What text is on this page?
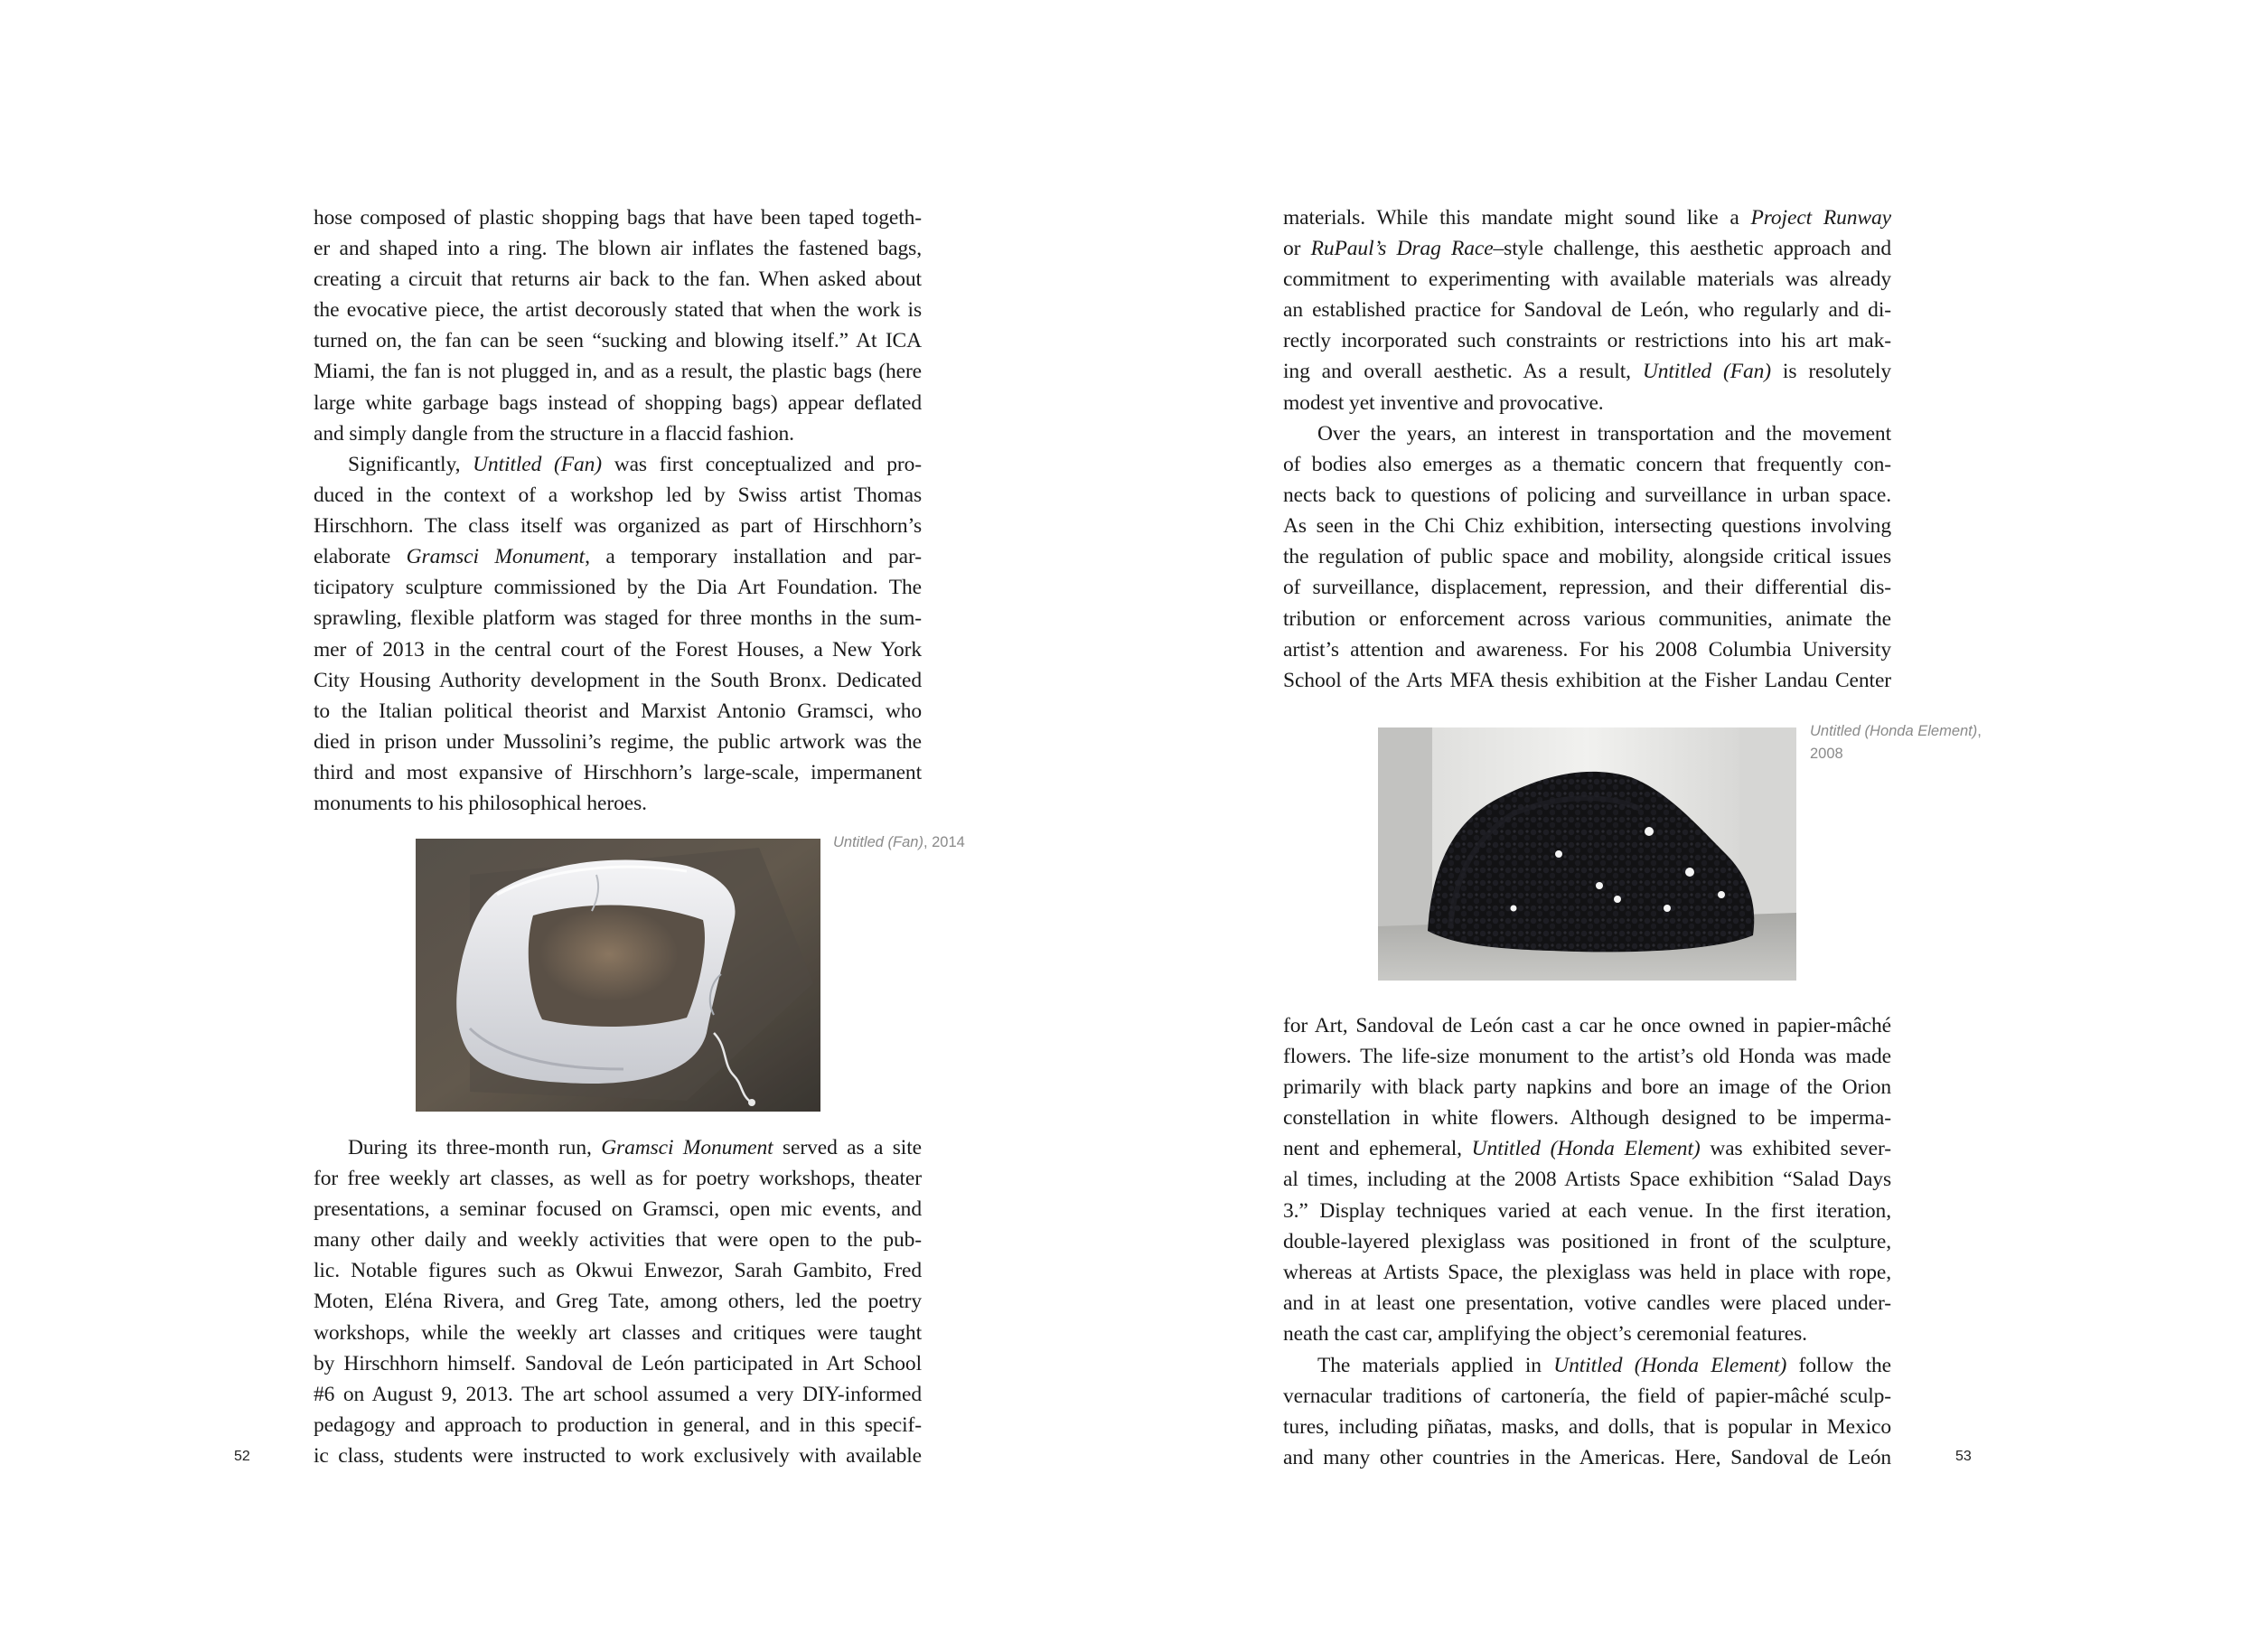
hose composed of plastic shopping bags that have been taped togeth-

er and shaped into a ring. The blown air inflates the fastened bags,

creating a circuit that returns air back to the fan. When asked about

the evocative piece, the artist decorously stated that when the work is

turned on, the fan can be seen “sucking and blowing itself.” At ICA

Miami, the fan is not plugged in, and as a result, the plastic bags (here

large white garbage bags instead of shopping bags) appear deflated

and simply dangle from the structure in a flaccid fashion.

Significantly, Untitled (Fan) was first conceptualized and pro-

duced in the context of a workshop led by Swiss artist Thomas

Hirschhorn. The class itself was organized as part of Hirschhorn’s

elaborate Gramsci Monument, a temporary installation and par-

ticipatory sculpture commissioned by the Dia Art Foundation. The

sprawling, flexible platform was staged for three months in the sum-

mer of 2013 in the central court of the Forest Houses, a New York

City Housing Authority development in the South Bronx. Dedicated

to the Italian political theorist and Marxist Antonio Gramsci, who

died in prison under Mussolini’s regime, the public artwork was the

third and most expansive of Hirschhorn’s large-scale, impermanent

monuments to his philosophical heroes.

Untitled (Fan), 2014

During its three-month run, Gramsci Monument served as a site

for free weekly art classes, as well as for poetry workshops, theater

presentations, a seminar focused on Gramsci, open mic events, and

many other daily and weekly activities that were open to the pub-

lic. Notable figures such as Okwui Enwezor, Sarah Gambito, Fred

Moten, Eléna Rivera, and Greg Tate, among others, led the poetry

workshops, while the weekly art classes and critiques were taught

by Hirschhorn himself. Sandoval de León participated in Art School

#6 on August 9, 2013. The art school assumed a very DIY-informed

pedagogy and approach to production in general, and in this specif-

ic class, students were instructed to work exclusively with available

52

materials. While this mandate might sound like a Project Runway

or RuPaul’s Drag Race–style challenge, this aesthetic approach and

commitment to experimenting with available materials was already

an established practice for Sandoval de León, who regularly and di-

rectly incorporated such constraints or restrictions into his art mak-

ing and overall aesthetic. As a result, Untitled (Fan) is resolutely

modest yet inventive and provocative.

Over the years, an interest in transportation and the movement

of bodies also emerges as a thematic concern that frequently con-

nects back to questions of policing and surveillance in urban space.

As seen in the Chi Chiz exhibition, intersecting questions involving

the regulation of public space and mobility, alongside critical issues

of surveillance, displacement, repression, and their differential dis-

tribution or enforcement across various communities, animate the

artist’s attention and awareness. For his 2008 Columbia University

School of the Arts MFA thesis exhibition at the Fisher Landau Center

Untitled (Honda Element),
2008

for Art, Sandoval de León cast a car he once owned in papier-mâché

flowers. The life-size monument to the artist’s old Honda was made

primarily with black party napkins and bore an image of the Orion

constellation in white flowers. Although designed to be imperma-

nent and ephemeral, Untitled (Honda Element) was exhibited sever-

al times, including at the 2008 Artists Space exhibition “Salad Days

3.” Display techniques varied at each venue. In the first iteration,

double-layered plexiglass was positioned in front of the sculpture,

whereas at Artists Space, the plexiglass was held in place with rope,

and in at least one presentation, votive candles were placed under-

neath the cast car, amplifying the object’s ceremonial features.

The materials applied in Untitled (Honda Element) follow the

vernacular traditions of cartonería, the field of papier-mâché sculp-

tures, including piñatas, masks, and dolls, that is popular in Mexico

and many other countries in the Americas. Here, Sandoval de León	53
